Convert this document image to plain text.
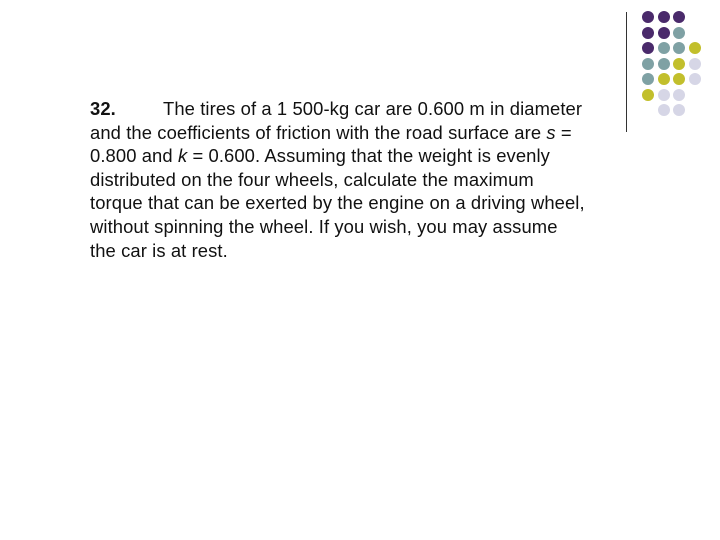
32.	The tires of a 1 500-kg car are 0.600 m in diameter
and the coefficients of friction with the road surface are s =
0.800 and k = 0.600. Assuming that the weight is evenly
distributed on the four wheels, calculate the maximum
torque that can be exerted by the engine on a driving wheel,
without spinning the wheel. If you wish, you may assume
the car is at rest.
